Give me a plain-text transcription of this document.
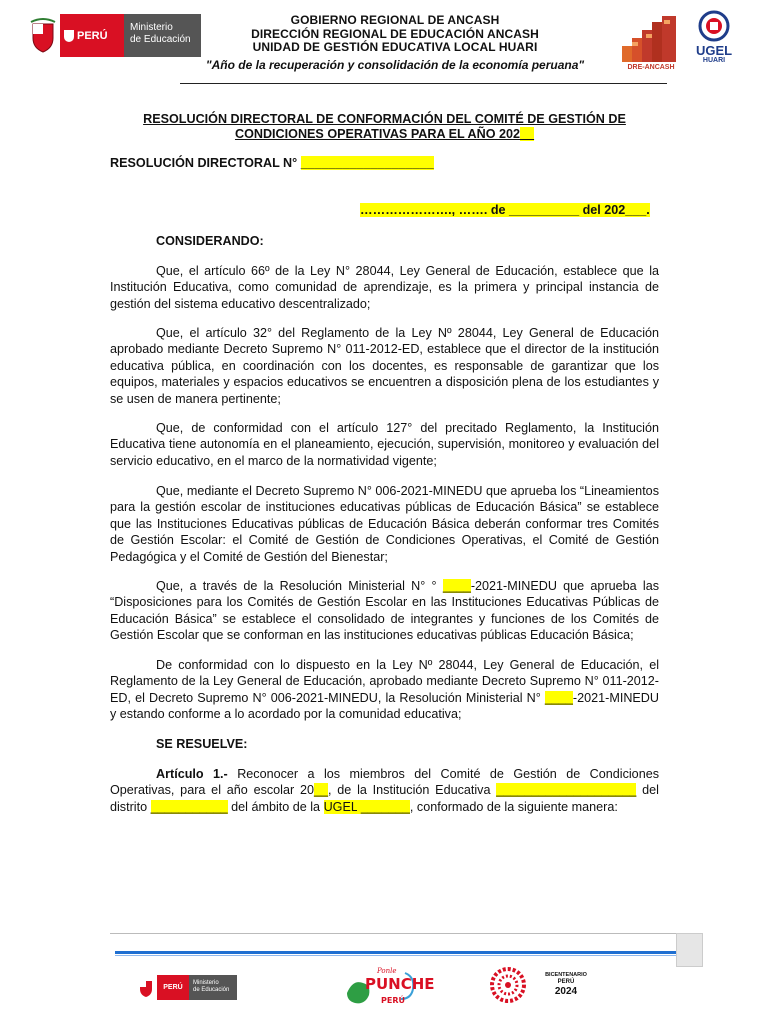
PERÚ
Ministerio
de Educación
GOBIERNO REGIONAL DE ANCASH
DIRECCIÓN REGIONAL DE EDUCACIÓN ANCASH
UNIDAD DE GESTIÓN EDUCATIVA LOCAL HUARI
"Año de la recuperación y consolidación de la economía peruana"	DRE-ANCASH
UGEL
HUARI
RESOLUCIÓN DIRECTORAL DE CONFORMACIÓN DEL COMITÉ DE GESTIÓN DE
CONDICIONES OPERATIVAS PARA EL AÑO 202__
RESOLUCIÓN DIRECTORAL N° ___________________
…………………., ……. de __________ del 202___.
CONSIDERANDO:
Que, el artículo 66º de la Ley N° 28044, Ley General de Educación, establece que la Institución Educativa, como comunidad de aprendizaje, es la primera y principal instancia de gestión del sistema educativo descentralizado;
Que, el artículo 32° del Reglamento de la Ley Nº 28044, Ley General de Educación aprobado mediante Decreto Supremo N° 011-2012-ED, establece que el director de la institución educativa pública, en coordinación con los docentes, es responsable de garantizar que los equipos, materiales y espacios educativos se encuentren a disposición plena de los estudiantes y se usen de manera pertinente;
Que, de conformidad con el artículo 127° del precitado Reglamento, la Institución Educativa tiene autonomía en el planeamiento, ejecución, supervisión, monitoreo y evaluación del servicio educativo, en el marco de la normatividad vigente;
Que, mediante el Decreto Supremo N° 006-2021-MINEDU que aprueba los “Lineamientos para la gestión escolar de instituciones educativas públicas de Educación Básica” se establece que las Instituciones Educativas públicas de Educación Básica deberán conformar tres Comités de Gestión Escolar: el Comité de Gestión de Condiciones Operativas, el Comité de Gestión Pedagógica y el Comité de Gestión del Bienestar;
Que, a través de la Resolución Ministerial N° ° ____-2021-MINEDU que aprueba las “Disposiciones para los Comités de Gestión Escolar en las Instituciones Educativas Públicas de Educación Básica” se establece el consolidado de integrantes y funciones de los Comités de Gestión Escolar que se conforman en las instituciones educativas públicas Educación Básica;
De conformidad con lo dispuesto en la Ley Nº 28044, Ley General de Educación, el Reglamento de la Ley General de Educación, aprobado mediante Decreto Supremo N° 011-2012-ED, el Decreto Supremo N° 006-2021-MINEDU, la Resolución Ministerial N° ____-2021-MINEDU y estando conforme a lo acordado por la comunidad educativa;
SE RESUELVE:
Artículo 1.- Reconocer a los miembros del Comité de Gestión de Condiciones Operativas, para el año escolar 20__, de la Institución Educativa ____________________ del distrito ___________ del ámbito de la UGEL _______, conformado de la siguiente manera:
PERÚ
Ministerio
de Educación
Ponle
PUNCHE
PERÚ
BICENTENARIO
PERÚ
2024
